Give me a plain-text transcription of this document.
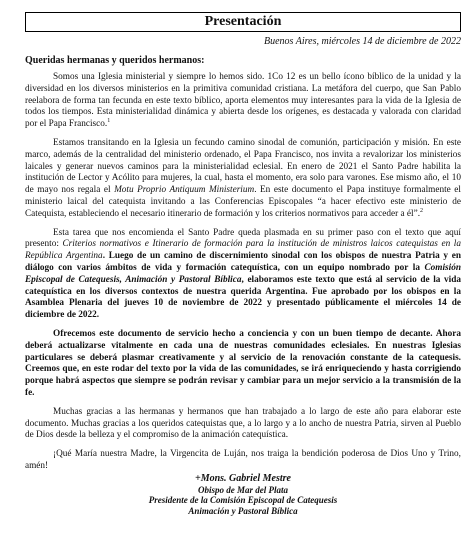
Presentación
Buenos Aires, miércoles 14 de diciembre de 2022
Queridas hermanas y queridos hermanos:

Somos una Iglesia ministerial y siempre lo hemos sido. 1Co 12 es un bello ícono bíblico de la unidad y la diversidad en los diversos ministerios en la primitiva comunidad cristiana. La metáfora del cuerpo, que San Pablo reelabora de forma tan fecunda en este texto bíblico, aporta elementos muy interesantes para la vida de la Iglesia de todos los tiempos. Esta ministerialidad dinámica y abierta desde los orígenes, es destacada y valorada con claridad por el Papa Francisco.$^1$

Estamos transitando en la Iglesia un fecundo camino sinodal de comunión, participación y misión. En este marco, además de la centralidad del ministerio ordenado, el Papa Francisco, nos invita a revalorizar los ministerios laicales y generar nuevos caminos para la ministerialidad eclesial. En enero de 2021 el Santo Padre habilita la institución de Lector y Acólito para mujeres, la cual, hasta el momento, era solo para varones. Ese mismo año, el 10 de mayo nos regala el Motu Proprio Antiquum Ministerium. En este documento el Papa instituye formalmente el ministerio laical del catequista invitando a las Conferencias Episcopales “a hacer efectivo este ministerio de Catequista, estableciendo el necesario itinerario de formación y los criterios normativos para acceder a él”.$^2$

Esta tarea que nos encomienda el Santo Padre queda plasmada en su primer paso con el texto que aquí presento: Criterios normativos e Itinerario de formación para la institución de ministros laicos catequistas en la República Argentina. Luego de un camino de discernimiento sinodal con los obispos de nuestra Patria y en diálogo con varios ámbitos de vida y formación catequística, con un equipo nombrado por la Comisión Episcopal de Catequesis, Animación y Pastoral Bíblica, elaboramos este texto que está al servicio de la vida catequística en los diversos contextos de nuestra querida Argentina. Fue aprobado por los obispos en la Asamblea Plenaria del jueves 10 de noviembre de 2022 y presentado públicamente el miércoles 14 de diciembre de 2022.

Ofrecemos este documento de servicio hecho a conciencia y con un buen tiempo de decante. Ahora deberá actualizarse vitalmente en cada una de nuestras comunidades eclesiales. En nuestras Iglesias particulares se deberá plasmar creativamente y al servicio de la renovación constante de la catequesis. Creemos que, en este rodar del texto por la vida de las comunidades, se irá enriqueciendo y hasta corrigiendo porque habrá aspectos que siempre se podrán revisar y cambiar para un mejor servicio a la transmisión de la fe.

Muchas gracias a las hermanas y hermanos que han trabajado a lo largo de este año para elaborar este documento. Muchas gracias a los queridos catequistas que, a lo largo y a lo ancho de nuestra Patria, sirven al Pueblo de Dios desde la belleza y el compromiso de la animación catequística.

¡Qué María nuestra Madre, la Virgencita de Luján, nos traiga la bendición poderosa de Dios Uno y Trino, amén!

+Mons. Gabriel Mestre
Obispo de Mar del Plata
Presidente de la Comisión Episcopal de Catequesis
Animación y Pastoral Bíblica
